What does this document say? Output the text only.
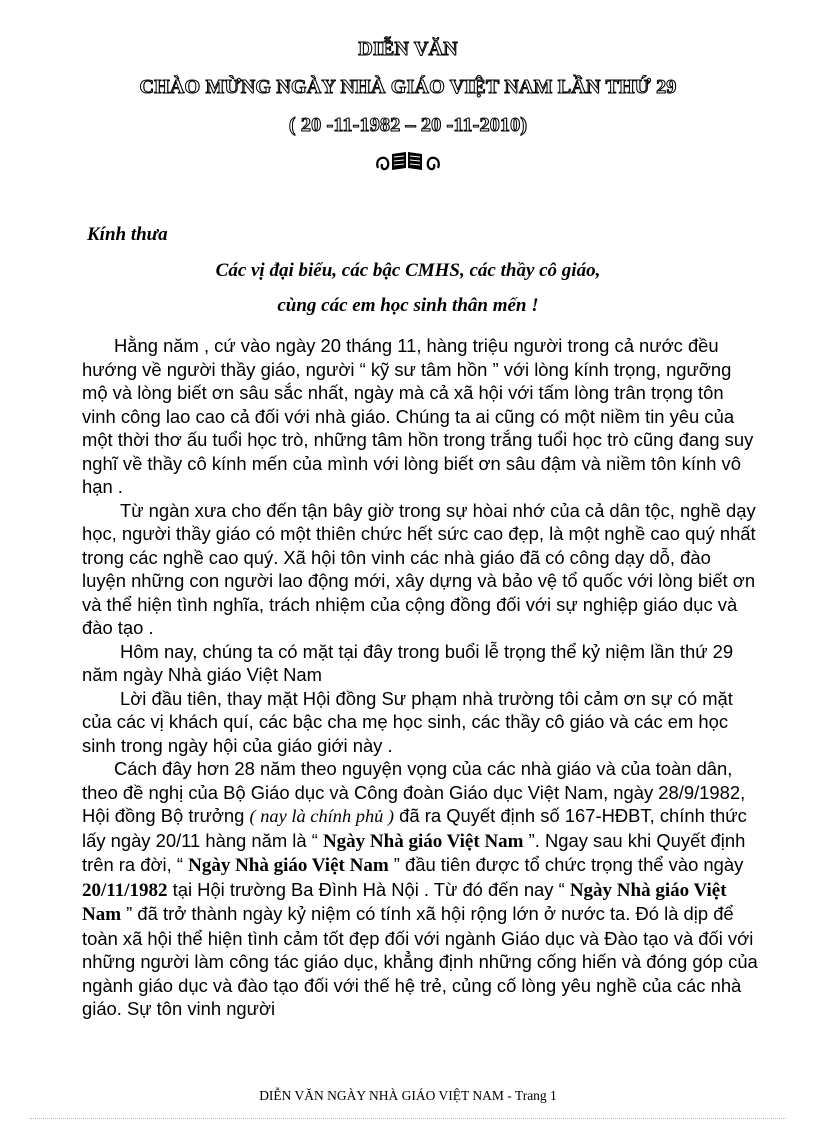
DIỄN VĂN
CHÀO MỪNG NGÀY NHÀ GIÁO VIỆT NAM LẦN THỨ 29
( 20 -11-1982 – 20 -11-2010)
Kính thưa
Các vị đại biểu, các bậc CMHS, các thầy cô giáo,
cùng các em học sinh thân mến !

Hằng năm , cứ vào ngày 20 tháng 11, hàng triệu người trong cả nước đều hướng về người thầy giáo, người “ kỹ sư tâm hồn ” với lòng kính trọng, ngưỡng mộ và lòng biết ơn sâu sắc nhất, ngày mà cả xã hội với tấm lòng trân trọng tôn vinh công lao cao cả đối với nhà giáo. Chúng ta ai cũng có một niềm tin yêu của một thời thơ ấu tuổi học trò, những tâm hồn trong trắng tuổi học trò cũng đang suy nghĩ về thầy cô kính mến của mình với lòng biết ơn sâu đậm và niềm tôn kính vô hạn .

Từ ngàn xưa cho đến tận bây giờ trong sự hòai nhớ của cả dân tộc, nghề dạy học, người thầy giáo có một thiên chức hết sức cao đẹp, là một nghề cao quý nhất trong các nghề cao quý. Xã hội tôn vinh các nhà giáo đã có công dạy dỗ, đào luyện những con người lao động mới, xây dựng và bảo vệ tổ quốc với lòng biết ơn và thể hiện tình nghĩa, trách nhiệm của cộng đồng đối với sự nghiệp giáo dục và đào tạo .

Hôm nay, chúng ta có mặt tại đây trong buổi lễ trọng thể kỷ niệm lần thứ 29 năm ngày Nhà giáo Việt Nam

Lời đầu tiên, thay mặt Hội đồng Sư phạm nhà trường tôi cảm ơn sự có mặt của các vị khách quí, các bậc cha mẹ học sinh, các thầy cô giáo và các em học sinh trong ngày hội của giáo giới này .

Cách đây hơn 28 năm theo nguyện vọng của các nhà giáo và của toàn dân, theo đề nghị của Bộ Giáo dục và Công đoàn Giáo dục Việt Nam, ngày 28/9/1982, Hội đồng Bộ trưởng ( nay là chính phủ ) đã ra Quyết định số 167-HĐBT, chính thức lấy ngày 20/11 hàng năm là “ Ngày Nhà giáo Việt Nam ”. Ngay sau khi Quyết định trên ra đời, “ Ngày Nhà giáo Việt Nam ” đầu tiên được tổ chức trọng thể vào ngày 20/11/1982 tại Hội trường Ba Đình Hà Nội . Từ đó đến nay “ Ngày Nhà giáo Việt Nam ” đã trở thành ngày kỷ niệm có tính xã hội rộng lớn ở nước ta. Đó là dịp để toàn xã hội thể hiện tình cảm tốt đẹp đối với ngành Giáo dục và Đào tạo và đối với những người làm công tác giáo dục, khẳng định những cống hiến và đóng góp của ngành giáo dục và đào tạo đối với thế hệ trẻ, củng cố lòng yêu nghề của các nhà giáo. Sự tôn vinh người

DIỄN VĂN NGÀY NHÀ GIÁO VIỆT NAM - Trang 1
